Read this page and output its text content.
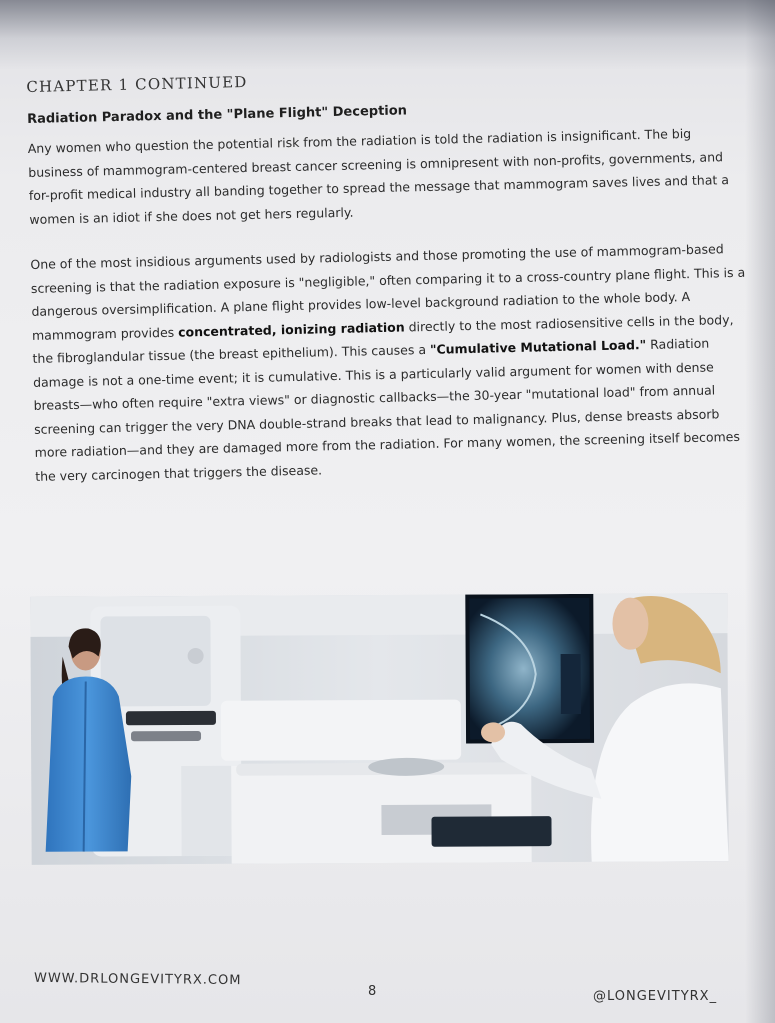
CHAPTER 1 CONTINUED
Radiation Paradox and the "Plane Flight" Deception

Any women who question the potential risk from the radiation is told the radiation is insignificant. The big business of mammogram-centered breast cancer screening is omnipresent with non-profits, governments, and for-profit medical industry all banding together to spread the message that mammogram saves lives and that a women is an idiot if she does not get hers regularly.

One of the most insidious arguments used by radiologists and those promoting the use of mammogram-based screening is that the radiation exposure is "negligible," often comparing it to a cross-country plane flight. This is a dangerous oversimplification. A plane flight provides low-level background radiation to the whole body. A mammogram provides concentrated, ionizing radiation directly to the most radiosensitive cells in the body, the fibroglandular tissue (the breast epithelium). This causes a "Cumulative Mutational Load." Radiation damage is not a one-time event; it is cumulative. This is a particularly valid argument for women with dense breasts—who often require "extra views" or diagnostic callbacks—the 30-year "mutational load" from annual screening can trigger the very DNA double-strand breaks that lead to malignancy. Plus, dense breasts absorb more radiation—and they are damaged more from the radiation. For many women, the screening itself becomes the very carcinogen that triggers the disease.

WWW.DRLONGEVITYRX.COM
8	@LONGEVITYRX_
